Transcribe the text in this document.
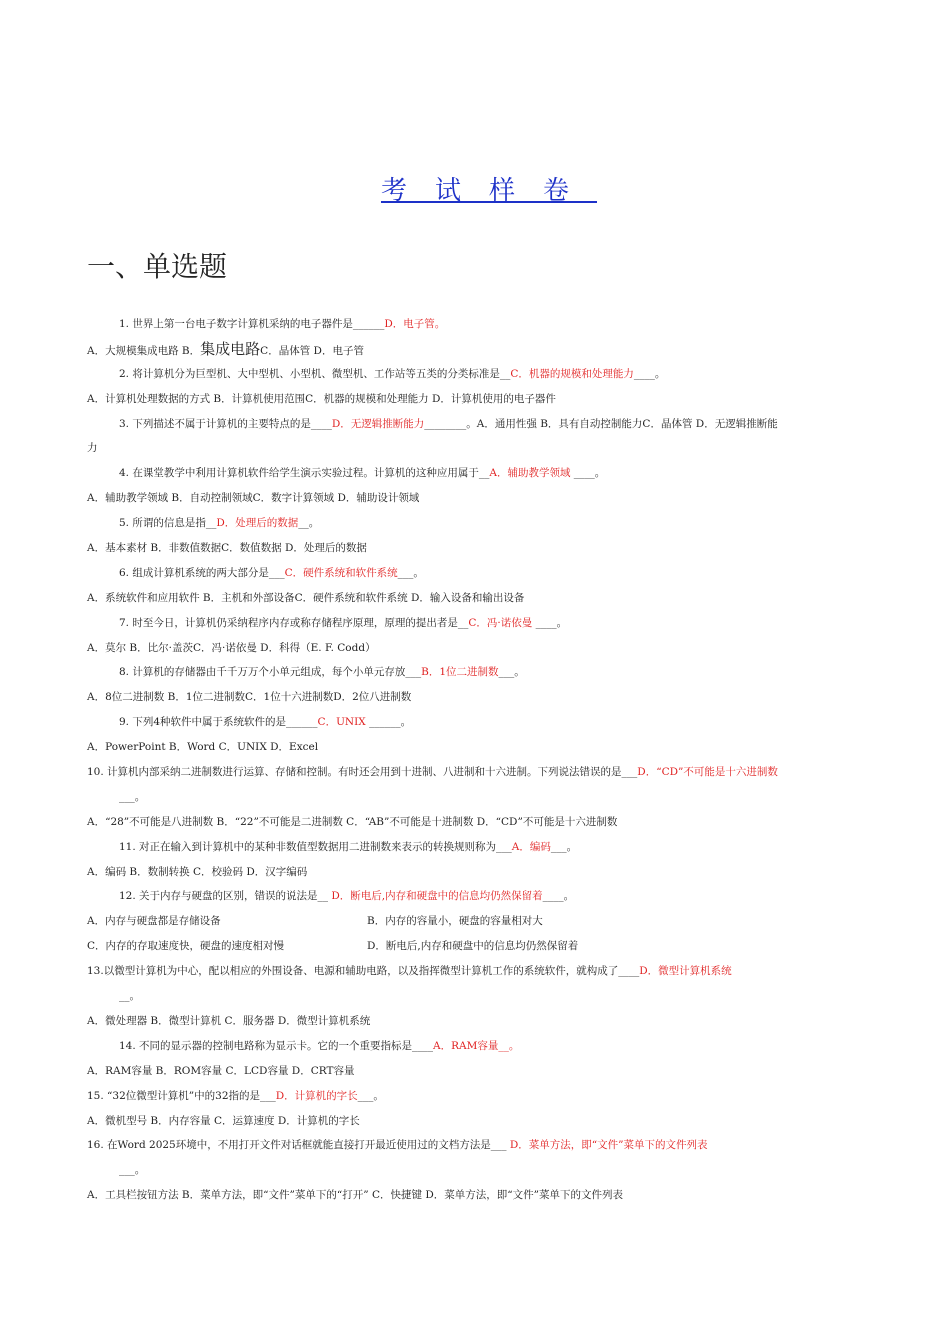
考试样卷
一、单选题
1. 世界上第一台电子数字计算机采纳的电子器件是______D．电子管。
A．大规模集成电路 B．集成电路C．晶体管 D．电子管
2. 将计算机分为巨型机、大中型机、小型机、微型机、工作站等五类的分类标准是__C．机器的规模和处理能力____。
A．计算机处理数据的方式 B．计算机使用范围C．机器的规模和处理能力 D．计算机使用的电子器件
3. 下列描述不属于计算机的主要特点的是____D．无逻辑推断能力________。A．通用性强 B．具有自动控制能力C．晶体管 D．无逻辑推断能
力
4. 在课堂教学中利用计算机软件给学生演示实验过程。计算机的这种应用属于__A．辅助教学领域 ____。
A．辅助教学领域 B．自动控制领域C．数字计算领域 D．辅助设计领域
5. 所谓的信息是指__D．处理后的数据__。
A．基本素材 B．非数值数据C．数值数据 D．处理后的数据
6. 组成计算机系统的两大部分是___C．硬件系统和软件系统___。
A．系统软件和应用软件 B．主机和外部设备C．硬件系统和软件系统 D．输入设备和输出设备
7. 时至今日，计算机仍采纳程序内存或称存储程序原理，原理的提出者是__C．冯·诺依曼 ____。
A．莫尔 B．比尔·盖茨C．冯·诺依曼 D．科得（E. F. Codd）
8. 计算机的存储器由千千万万个小单元组成，每个小单元存放___B．1位二进制数___。
A．8位二进制数 B．1位二进制数C．1位十六进制数D．2位八进制数
9. 下列4种软件中属于系统软件的是______C．UNIX ______。
A．PowerPoint B．Word C．UNIX D．Excel
10. 计算机内部采纳二进制数进行运算、存储和控制。有时还会用到十进制、八进制和十六进制。下列说法错误的是___D．“CD”不可能是十六进制数
___。
A．“28”不可能是八进制数 B．“22”不可能是二进制数 C．“AB”不可能是十进制数 D．“CD”不可能是十六进制数
11. 对正在输入到计算机中的某种非数值型数据用二进制数来表示的转换规则称为___A．编码___。
A．编码 B．数制转换 C．校验码 D．汉字编码
12. 关于内存与硬盘的区别，错误的说法是__ D．断电后,内存和硬盘中的信息均仍然保留着____。
A．内存与硬盘都是存储设备	B．内存的容量小，硬盘的容量相对大
C．内存的存取速度快，硬盘的速度相对慢	D．断电后,内存和硬盘中的信息均仍然保留着
13.以微型计算机为中心，配以相应的外围设备、电源和辅助电路，以及指挥微型计算机工作的系统软件，就构成了____D．微型计算机系统
__。
A．微处理器 B．微型计算机 C．服务器 D．微型计算机系统
14. 不同的显示器的控制电路称为显示卡。它的一个重要指标是____A．RAM容量__。
A．RAM容量 B．ROM容量 C．LCD容量 D．CRT容量
15. “32位微型计算机”中的32指的是___D．计算机的字长___。
A．微机型号 B．内存容量 C．运算速度 D．计算机的字长
16. 在Word 2025环境中，不用打开文件对话框就能直接打开最近使用过的文档方法是___ D．菜单方法，即“文件”菜单下的文件列表
___。
A．工具栏按钮方法 B．菜单方法，即“文件”菜单下的“打开” C．快捷键 D．菜单方法，即“文件”菜单下的文件列表
